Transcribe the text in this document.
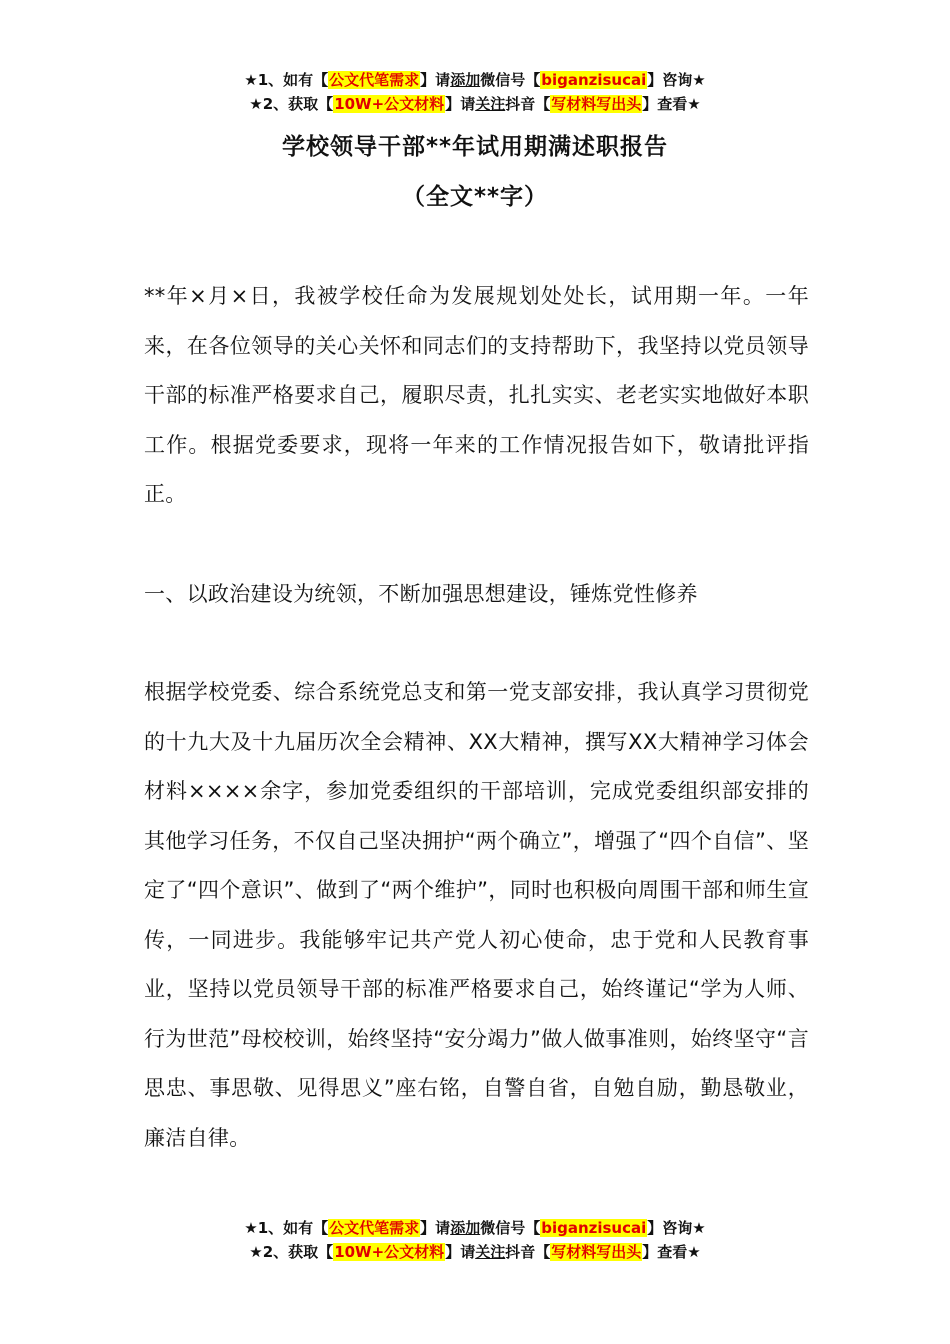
★1、如有【公文代笔需求】请添加微信号【biganzisucai】咨询★
★2、获取【10W+公文材料】请关注抖音【写材料写出头】查看★
学校领导干部**年试用期满述职报告
（全文**字）
**年×月×日，我被学校任命为发展规划处处长，试用期一年。一年来，在各位领导的关心关怀和同志们的支持帮助下，我坚持以党员领导干部的标准严格要求自己，履职尽责，扎扎实实、老老实实地做好本职工作。根据党委要求，现将一年来的工作情况报告如下，敬请批评指正。
一、以政治建设为统领，不断加强思想建设，锤炼党性修养
根据学校党委、综合系统党总支和第一党支部安排，我认真学习贯彻党的十九大及十九届历次全会精神、XX大精神，撰写XX大精神学习体会材料××××余字，参加党委组织的干部培训，完成党委组织部安排的其他学习任务，不仅自己坚决拥护“两个确立”，增强了“四个自信”、坚定了“四个意识”、做到了“两个维护”，同时也积极向周围干部和师生宣传，一同进步。我能够牢记共产党人初心使命，忠于党和人民教育事业，坚持以党员领导干部的标准严格要求自己，始终谨记“学为人师、行为世范”母校校训，始终坚持“安分竭力”做人做事准则，始终坚守“言思忠、事思敬、见得思义”座右铭，自警自省，自勉自励，勤恳敬业，廉洁自律。
★1、如有【公文代笔需求】请添加微信号【biganzisucai】咨询★
★2、获取【10W+公文材料】请关注抖音【写材料写出头】查看★
